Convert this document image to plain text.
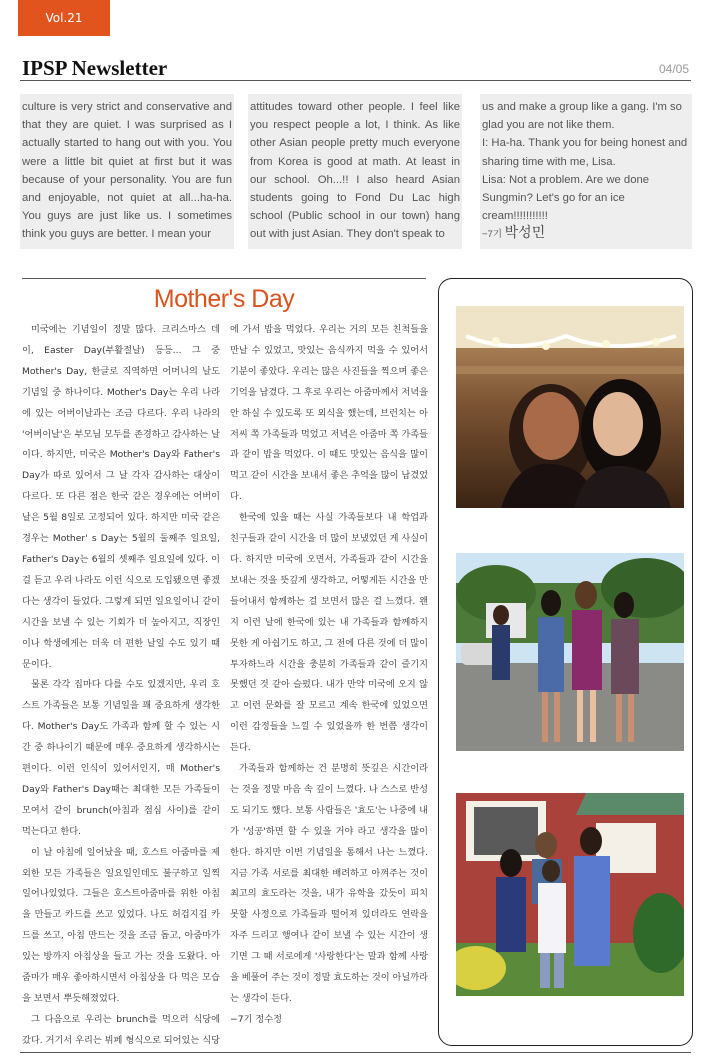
Vol.21
IPSP Newsletter	04/05

culture is very strict and conservative and that they are quiet. I was surprised as I actually started to hang out with you. You were a little bit quiet at first but it was because of your personality. You are fun and enjoyable, not quiet at all...ha-ha. You guys are just like us. I sometimes think you guys are better. I mean your

attitudes toward other people. I feel like you respect people a lot, I think. As like other Asian people pretty much everyone from Korea is good at math. At least in our school. Oh...!! I also heard Asian students going to Fond Du Lac high school (Public school in our town) hang out with just Asian. They don't speak to

us and make a group like a gang. I'm so glad you are not like them.

I: Ha-ha. Thank you for being honest and sharing time with me, Lisa.

Lisa: Not a problem. Are we done Sungmin? Let's go for an ice cream!!!!!!!!!!!

−7기 박성민

Mother's Day

미국에는 기념일이 정말 많다. 크리스마스 데이, Easter Day(부활절날) 등등... 그 중 Mother's Day, 한글로 직역하면 어머니의 날도 기념일 중 하나이다. Mother's Day는 우리 나라에 있는 어버이날과는 조금 다르다. 우리 나라의 '어버이날'은 부모님 모두를 존경하고 감사하는 날이다. 하지만, 미국은 Mother's Day와 Father's Day가 따로 있어서 그 날 각자 감사하는 대상이 다르다. 또 다른 점은 한국 같은 경우에는 어버이날은 5월 8일로 고정되어 있다. 하지만 미국 같은 경우는 Mother' s Day는 5월의 둘째주 일요일, Father's Day는 6월의 셋째주 일요일에 있다. 이걸 듣고 우리 나라도 이런 식으로 도입됐으면 좋겠다는 생각이 들었다. 그렇게 되면 일요일이니 같이 시간을 보낼 수 있는 기회가 더 높아지고, 직장인이나 학생에게는 더욱 더 편한 날일 수도 있기 때문이다.

물론 각각 집마다 다를 수도 있겠지만, 우리 호스트 가족들은 보통 기념일을 꽤 중요하게 생각한다. Mother's Day도 가족과 함께 할 수 있는 시간 중 하나이기 때문에 매우 중요하게 생각하시는 편이다. 이런 인식이 있어서인지, 매 Mother's Day와 Father's Day때는 최대한 모든 가족들이 모여서 같이 brunch(아침과 점심 사이)를 같이 먹는다고 한다.

이 날 아침에 일어났을 때, 호스트 아줌마를 제외한 모든 가족들은 일요일인데도 불구하고 일찍 일어나있었다. 그들은 호스트아줌마를 위한 아침을 만들고 카드를 쓰고 있었다. 나도 허겁지겁 카드를 쓰고, 아침 만드는 것을 조금 돕고, 아줌마가 있는 방까지 아침상을 들고 가는 것을 도왔다. 아줌마가 매우 좋아하시면서 아침상을 다 먹은 모습을 보면서 뿌듯해졌었다.

그 다음으로 우리는 brunch를 먹으러 식당에 갔다. 거기서 우리는 뷔페 형식으로 되어있는 식당

에 가서 밥을 먹었다. 우리는 거의 모든 친척들을 만날 수 있었고, 맛있는 음식까지 먹을 수 있어서 기분이 좋았다. 우리는 많은 사진들을 찍으며 좋은 기억을 남겼다. 그 후로 우리는 아줌마께서 저녁을 안 하실 수 있도록 또 외식을 했는데, 브런치는 아저씨 쪽 가족들과 먹었고 저녁은 아줌마 쪽 가족들과 같이 밥을 먹었다. 이 때도 맛있는 음식을 많이 먹고 같이 시간을 보내서 좋은 추억을 많이 남겼었다.

한국에 있을 때는 사실 가족들보다 내 학업과 친구들과 같이 시간을 더 많이 보냈었던 게 사실이다. 하지만 미국에 오면서, 가족들과 같이 시간을 보내는 것을 뜻깊게 생각하고, 어떻게든 시간을 만들어내서 함께하는 걸 보면서 많은 걸 느꼈다. 왠지 이런 날에 한국에 있는 내 가족들과 함께하지 못한 게 아쉽기도 하고, 그 전에 다른 것에 더 많이 투자하느라 시간을 충분히 가족들과 같이 즐기지 못했던 것 같아 슬펐다. 내가 만약 미국에 오지 않고 이런 문화를 잘 모르고 계속 한국에 있었으면 이런 감정들을 느낄 수 있었을까 한 번쯤 생각이 든다.

가족들과 함께하는 건 분명히 뜻깊은 시간이라는 것을 정말 마음 속 깊이 느꼈다. 나 스스로 반성도 되기도 했다. 보통 사람들은 '효도'는 나중에 내가 '성공'하면 할 수 있을 거야 라고 생각을 많이 한다. 하지만 이번 기념일을 통해서 나는 느꼈다. 지금 가족 서로를 최대한 배려하고 아껴주는 것이 최고의 효도라는 것을, 내가 유학을 갔듯이 피치 못할 사정으로 가족들과 떨어져 있더라도 연락을 자주 드리고 행여나 같이 보낼 수 있는 시간이 생기면 그 때 서로에게 '사랑한다'는 말과 함께 사랑을 베풀어 주는 것이 정말 효도하는 것이 아닐까라는 생각이 든다.

−7기 정수정
